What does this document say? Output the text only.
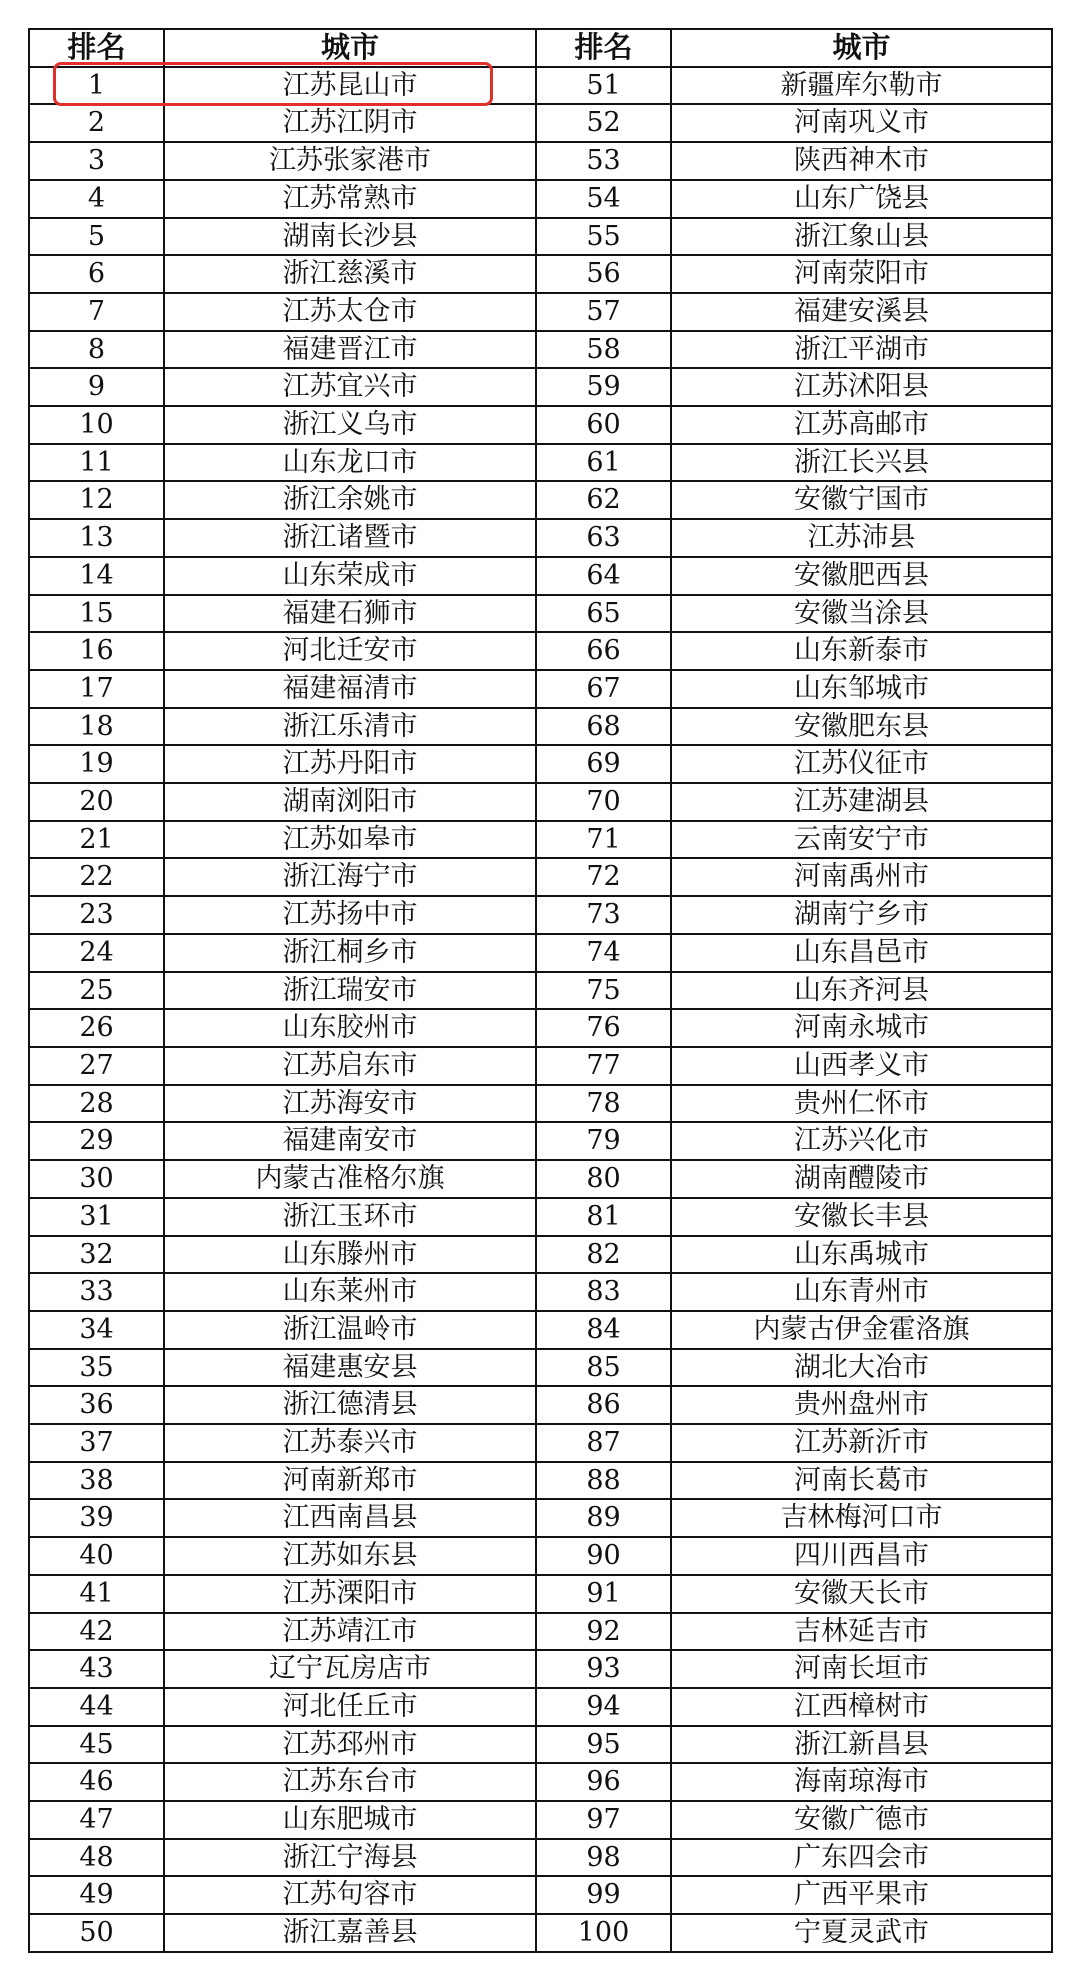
排名	城市	排名	城市
1	江苏昆山市	51	新疆库尔勒市
2	江苏江阴市	52	河南巩义市
3	江苏张家港市	53	陕西神木市
4	江苏常熟市	54	山东广饶县
5	湖南长沙县	55	浙江象山县
6	浙江慈溪市	56	河南荥阳市
7	江苏太仓市	57	福建安溪县
8	福建晋江市	58	浙江平湖市
9	江苏宜兴市	59	江苏沭阳县
10	浙江义乌市	60	江苏高邮市
11	山东龙口市	61	浙江长兴县
12	浙江余姚市	62	安徽宁国市
13	浙江诸暨市	63	江苏沛县
14	山东荣成市	64	安徽肥西县
15	福建石狮市	65	安徽当涂县
16	河北迁安市	66	山东新泰市
17	福建福清市	67	山东邹城市
18	浙江乐清市	68	安徽肥东县
19	江苏丹阳市	69	江苏仪征市
20	湖南浏阳市	70	江苏建湖县
21	江苏如皋市	71	云南安宁市
22	浙江海宁市	72	河南禹州市
23	江苏扬中市	73	湖南宁乡市
24	浙江桐乡市	74	山东昌邑市
25	浙江瑞安市	75	山东齐河县
26	山东胶州市	76	河南永城市
27	江苏启东市	77	山西孝义市
28	江苏海安市	78	贵州仁怀市
29	福建南安市	79	江苏兴化市
30	内蒙古准格尔旗	80	湖南醴陵市
31	浙江玉环市	81	安徽长丰县
32	山东滕州市	82	山东禹城市
33	山东莱州市	83	山东青州市
34	浙江温岭市	84	内蒙古伊金霍洛旗
35	福建惠安县	85	湖北大冶市
36	浙江德清县	86	贵州盘州市
37	江苏泰兴市	87	江苏新沂市
38	河南新郑市	88	河南长葛市
39	江西南昌县	89	吉林梅河口市
40	江苏如东县	90	四川西昌市
41	江苏溧阳市	91	安徽天长市
42	江苏靖江市	92	吉林延吉市
43	辽宁瓦房店市	93	河南长垣市
44	河北任丘市	94	江西樟树市
45	江苏邳州市	95	浙江新昌县
46	江苏东台市	96	海南琼海市
47	山东肥城市	97	安徽广德市
48	浙江宁海县	98	广东四会市
49	江苏句容市	99	广西平果市
50	浙江嘉善县	100	宁夏灵武市
